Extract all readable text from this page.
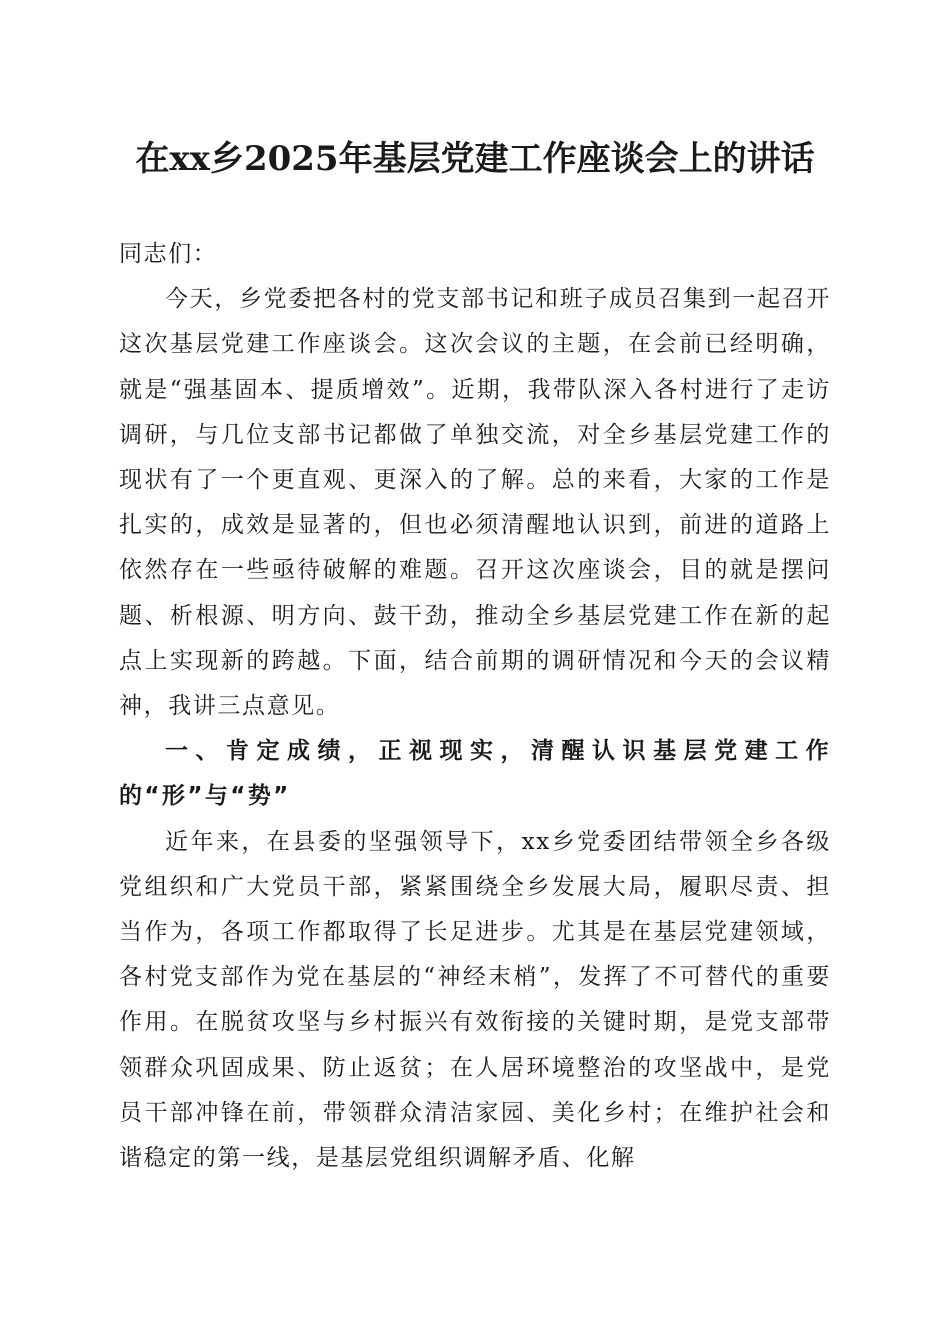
在xx乡2025年基层党建工作座谈会上的讲话

同志们：

今天，乡党委把各村的党支部书记和班子成员召集到一起召开这次基层党建工作座谈会。这次会议的主题，在会前已经明确，就是“强基固本、提质增效”。近期，我带队深入各村进行了走访调研，与几位支部书记都做了单独交流，对全乡基层党建工作的现状有了一个更直观、更深入的了解。总的来看，大家的工作是扎实的，成效是显著的，但也必须清醒地认识到，前进的道路上依然存在一些亟待破解的难题。召开这次座谈会，目的就是摆问题、析根源、明方向、鼓干劲，推动全乡基层党建工作在新的起点上实现新的跨越。下面，结合前期的调研情况和今天的会议精神，我讲三点意见。

一、肯定成绩，正视现实，清醒认识基层党建工作的“形”与“势”

近年来，在县委的坚强领导下，xx乡党委团结带领全乡各级党组织和广大党员干部，紧紧围绕全乡发展大局，履职尽责、担当作为，各项工作都取得了长足进步。尤其是在基层党建领域，各村党支部作为党在基层的“神经末梢”，发挥了不可替代的重要作用。在脱贫攻坚与乡村振兴有效衔接的关键时期，是党支部带领群众巩固成果、防止返贫；在人居环境整治的攻坚战中，是党员干部冲锋在前，带领群众清洁家园、美化乡村；在维护社会和谐稳定的第一线，是基层党组织调解矛盾、化解
